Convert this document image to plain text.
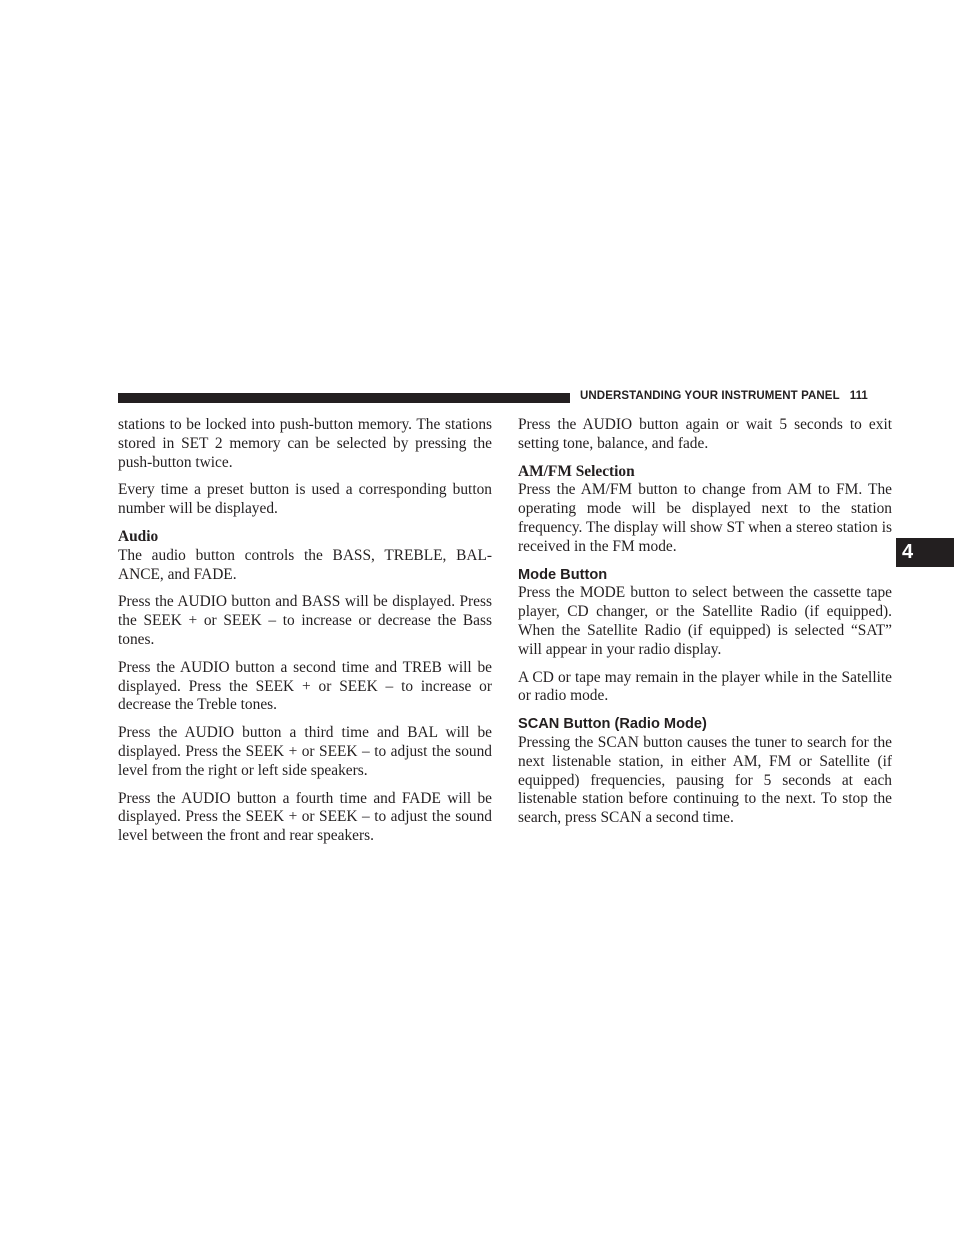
UNDERSTANDING YOUR INSTRUMENT PANEL 111

stations to be locked into push-button memory. The stations stored in SET 2 memory can be selected by pressing the push-button twice.

Every time a preset button is used a corresponding button number will be displayed.

Audio

The audio button controls the BASS, TREBLE, BAL-ANCE, and FADE.

Press the AUDIO button and BASS will be displayed. Press the SEEK + or SEEK – to increase or decrease the Bass tones.

Press the AUDIO button a second time and TREB will be displayed. Press the SEEK + or SEEK – to increase or decrease the Treble tones.

Press the AUDIO button a third time and BAL will be displayed. Press the SEEK + or SEEK – to adjust the sound level from the right or left side speakers.

Press the AUDIO button a fourth time and FADE will be displayed. Press the SEEK + or SEEK – to adjust the sound level between the front and rear speakers.

Press the AUDIO button again or wait 5 seconds to exit setting tone, balance, and fade.

AM/FM Selection

Press the AM/FM button to change from AM to FM. The operating mode will be displayed next to the station frequency. The display will show ST when a stereo station is received in the FM mode.

Mode Button

Press the MODE button to select between the cassette tape player, CD changer, or the Satellite Radio (if equipped). When the Satellite Radio (if equipped) is selected “SAT” will appear in your radio display.

A CD or tape may remain in the player while in the Satellite or radio mode.

SCAN Button (Radio Mode)

Pressing the SCAN button causes the tuner to search for the next listenable station, in either AM, FM or Satellite (if equipped) frequencies, pausing for 5 seconds at each listenable station before continuing to the next. To stop the search, press SCAN a second time.

4
